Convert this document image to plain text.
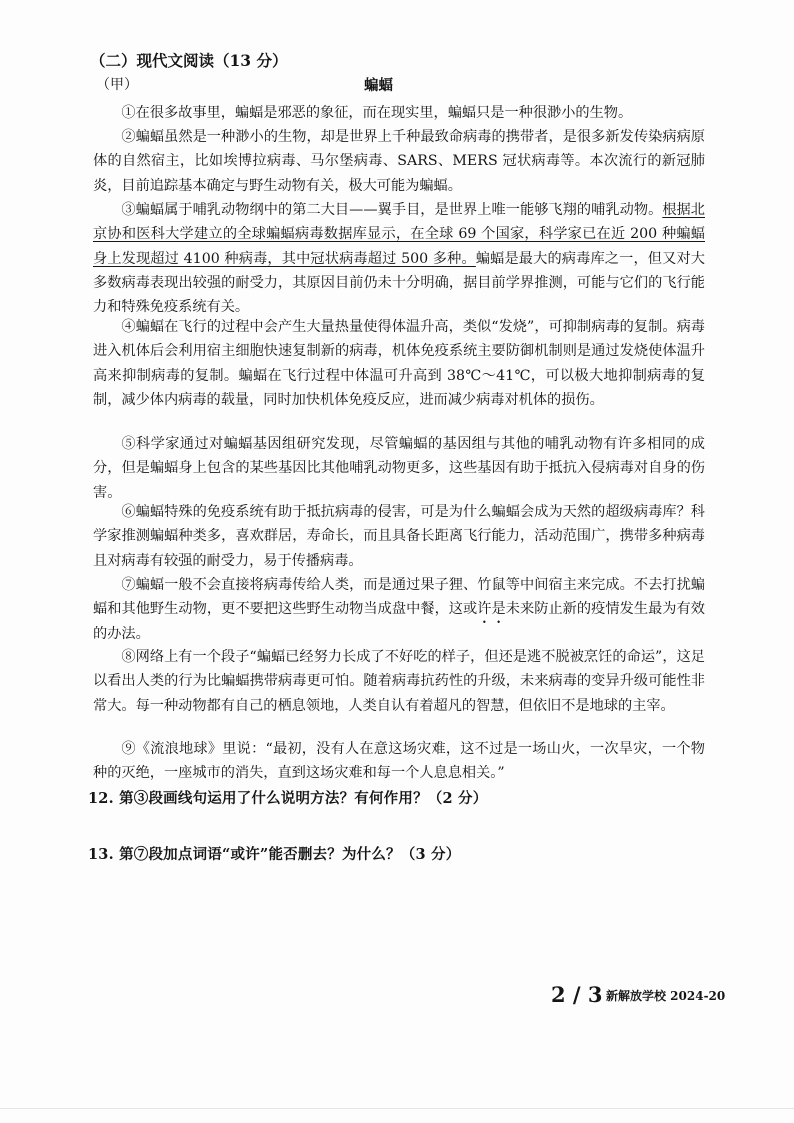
（二）现代文阅读（13 分）
（甲）	蝙蝠

①在很多故事里，蝙蝠是邪恶的象征，而在现实里，蝙蝠只是一种很渺小的生物。

②蝙蝠虽然是一种渺小的生物，却是世界上千种最致命病毒的携带者，是很多新发传染病病原体的自然宿主，比如埃博拉病毒、马尔堡病毒、SARS、MERS 冠状病毒等。本次流行的新冠肺炎，目前追踪基本确定与野生动物有关，极大可能为蝙蝠。

③蝙蝠属于哺乳动物纲中的第二大目——翼手目，是世界上唯一能够飞翔的哺乳动物。根据北京协和医科大学建立的全球蝙蝠病毒数据库显示，在全球 69 个国家，科学家已在近 200 种蝙蝠身上发现超过 4100 种病毒，其中冠状病毒超过 500 多种。蝙蝠是最大的病毒库之一，但又对大多数病毒表现出较强的耐受力，其原因目前仍未十分明确，据目前学界推测，可能与它们的飞行能力和特殊免疫系统有关。

④蝙蝠在飞行的过程中会产生大量热量使得体温升高，类似“发烧”，可抑制病毒的复制。病毒进入机体后会利用宿主细胞快速复制新的病毒，机体免疫系统主要防御机制则是通过发烧使体温升高来抑制病毒的复制。蝙蝠在飞行过程中体温可升高到 38℃～41℃，可以极大地抑制病毒的复制，减少体内病毒的载量，同时加快机体免疫反应，进而减少病毒对机体的损伤。

⑤科学家通过对蝙蝠基因组研究发现，尽管蝙蝠的基因组与其他的哺乳动物有许多相同的成分，但是蝙蝠身上包含的某些基因比其他哺乳动物更多，这些基因有助于抵抗入侵病毒对自身的伤害。

⑥蝙蝠特殊的免疫系统有助于抵抗病毒的侵害，可是为什么蝙蝠会成为天然的超级病毒库？科学家推测蝙蝠种类多，喜欢群居，寿命长，而且具备长距离飞行能力，活动范围广，携带多种病毒且对病毒有较强的耐受力，易于传播病毒。

⑦蝙蝠一般不会直接将病毒传给人类，而是通过果子狸、竹鼠等中间宿主来完成。不去打扰蝙蝠和其他野生动物，更不要把这些野生动物当成盘中餐，这或许是未来防止新的疫情发生最为有效的办法。

⑧网络上有一个段子“蝙蝠已经努力长成了不好吃的样子，但还是逃不脱被烹饪的命运”，这足以看出人类的行为比蝙蝠携带病毒更可怕。随着病毒抗药性的升级，未来病毒的变异升级可能性非常大。每一种动物都有自己的栖息领地，人类自认有着超凡的智慧，但依旧不是地球的主宰。

⑨《流浪地球》里说：“最初，没有人在意这场灾难，这不过是一场山火，一次旱灾，一个物种的灭绝，一座城市的消失，直到这场灾难和每一个人息息相关。”

12. 第③段画线句运用了什么说明方法？有何作用？（2 分）
13. 第⑦段加点词语“或许”能否删去？为什么？（3 分）
2 / 3 新解放学校 2024-20
